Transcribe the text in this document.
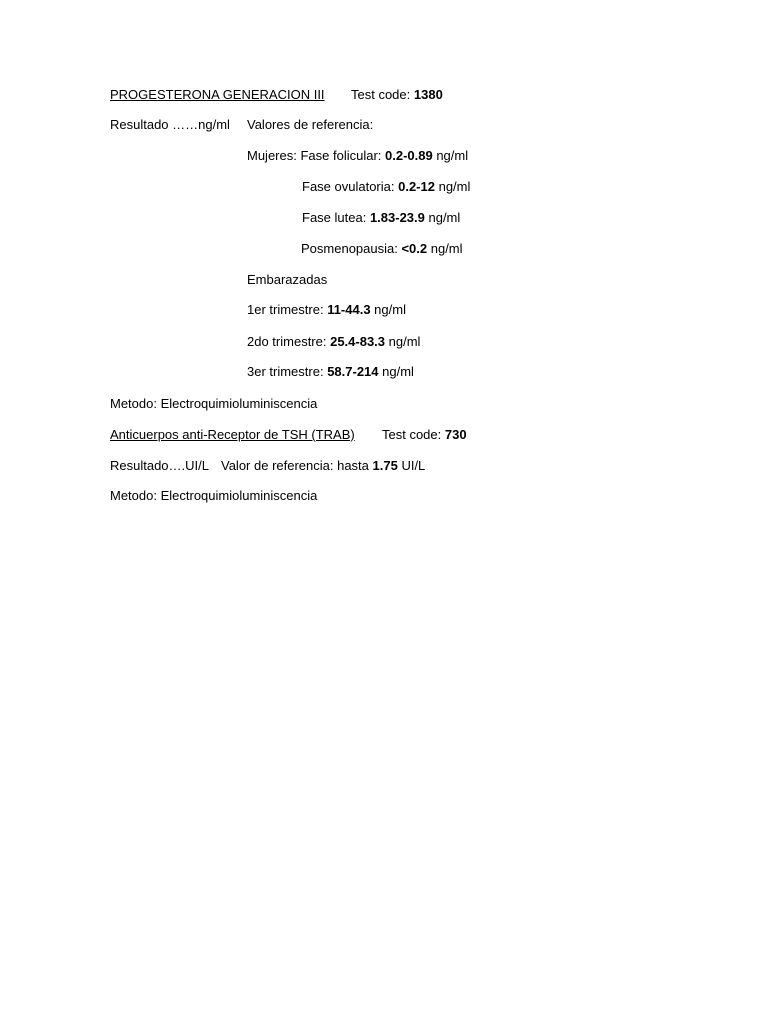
PROGESTERONA GENERACION III Test code: 1380
Resultado ……ng/ml Valores de referencia:
Mujeres: Fase folicular: 0.2-0.89 ng/ml
Fase ovulatoria: 0.2-12 ng/ml
Fase lutea: 1.83-23.9 ng/ml
Posmenopausia: <0.2 ng/ml
Embarazadas
1er trimestre: 11-44.3 ng/ml
2do trimestre: 25.4-83.3 ng/ml
3er trimestre: 58.7-214 ng/ml
Metodo: Electroquimioluminiscencia
Anticuerpos anti-Receptor de TSH (TRAB) Test code: 730
Resultado….UI/L Valor de referencia: hasta 1.75 UI/L
Metodo: Electroquimioluminiscencia
